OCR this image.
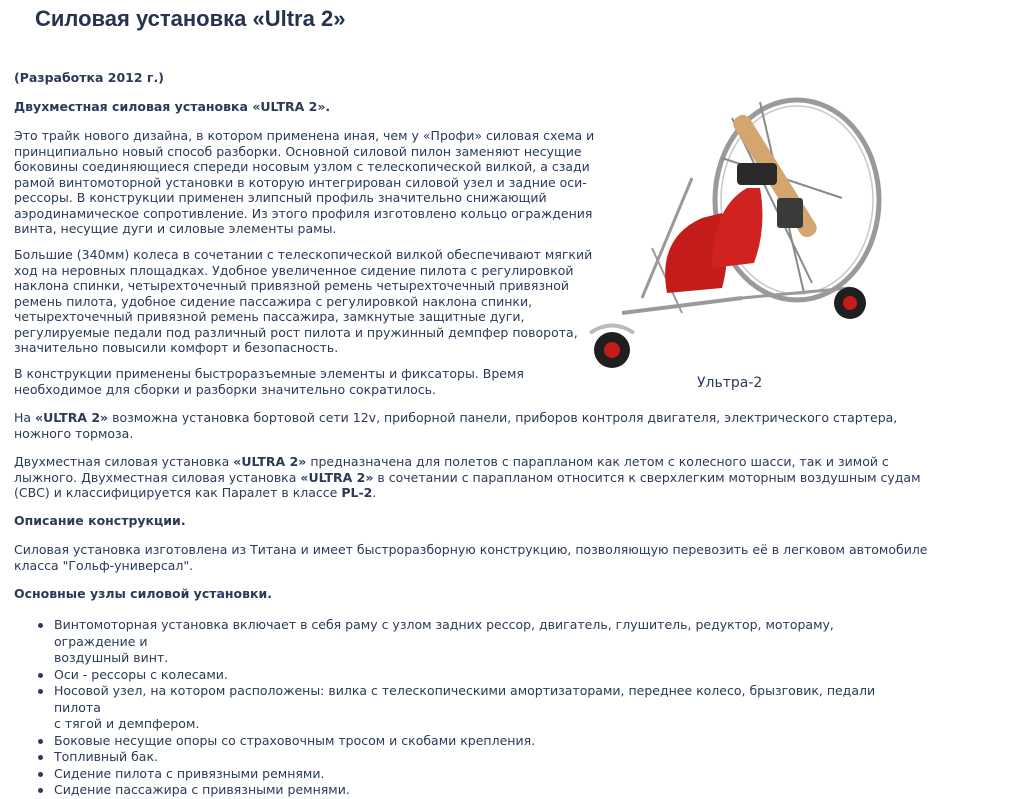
Силовая установка «Ultra 2»

(Разработка 2012 г.)

Двухместная силовая установка «ULTRA 2».

Это трайк нового дизайна, в котором применена иная, чем у «Профи» силовая схема и
принципиально новый способ разборки. Основной силовой пилон заменяют несущие
боковины соединяющиеся спереди носовым узлом с телескопической вилкой, а сзади
рамой винтомоторной установки в которую интегрирован силовой узел и задние оси-
рессоры. В конструкции применен элипсный профиль значительно снижающий
аэродинамическое сопротивление. Из этого профиля изготовлено кольцо ограждения
винта, несущие дуги и силовые элементы рамы.

Большие (340мм) колеса в сочетании с телескопической вилкой обеспечивают мягкий
ход на неровных площадках. Удобное увеличенное сидение пилота с регулировкой
наклона спинки, четырехточечный привязной ремень четырехточечный привязной
ремень пилота, удобное сидение пассажира с регулировкой наклона спинки,
четырехточечный привязной ремень пассажира, замкнутые защитные дуги,
регулируемые педали под различный рост пилота и пружинный демпфер поворота,
значительно повысили комфорт и безопасность.

В конструкции применены быстроразъемные элементы и фиксаторы. Время
необходимое для сборки и разборки значительно сократилось.

На «ULTRA 2» возможна установка бортовой сети 12v, приборной панели, приборов контроля двигателя, электрического стартера,
ножного тормоза.

Двухместная силовая установка «ULTRA 2» предназначена для полетов с парапланом как летом с колесного шасси, так и зимой с
лыжного. Двухместная силовая установка «ULTRA 2» в сочетании с парапланом относится к сверхлегким моторным воздушным судам
(СВС) и классифицируется как Паралет в классе PL-2.

Описание конструкции.

Силовая установка изготовлена из Титана и имеет быстроразборную конструкцию, позволяющую перевозить её в легковом автомобиле
класса "Гольф-универсал".

Основные узлы силовой установки.

Винтомоторная установка включает в себя раму с узлом задних рессор, двигатель, глушитель, редуктор, моторaму, ограждение и
воздушный винт.
Оси - рессоры с колесами.
Носовой узел, на котором расположены: вилка с телескопическими амортизаторами, переднее колесо, брызговик, педали пилота
с тягой и демпфером.
Боковые несущие опоры со страховочным тросом и скобами крепления.
Топливный бак.
Сидение пилота с привязными ремнями.
Сидение пассажира с привязными ремнями.
Ультра-2
